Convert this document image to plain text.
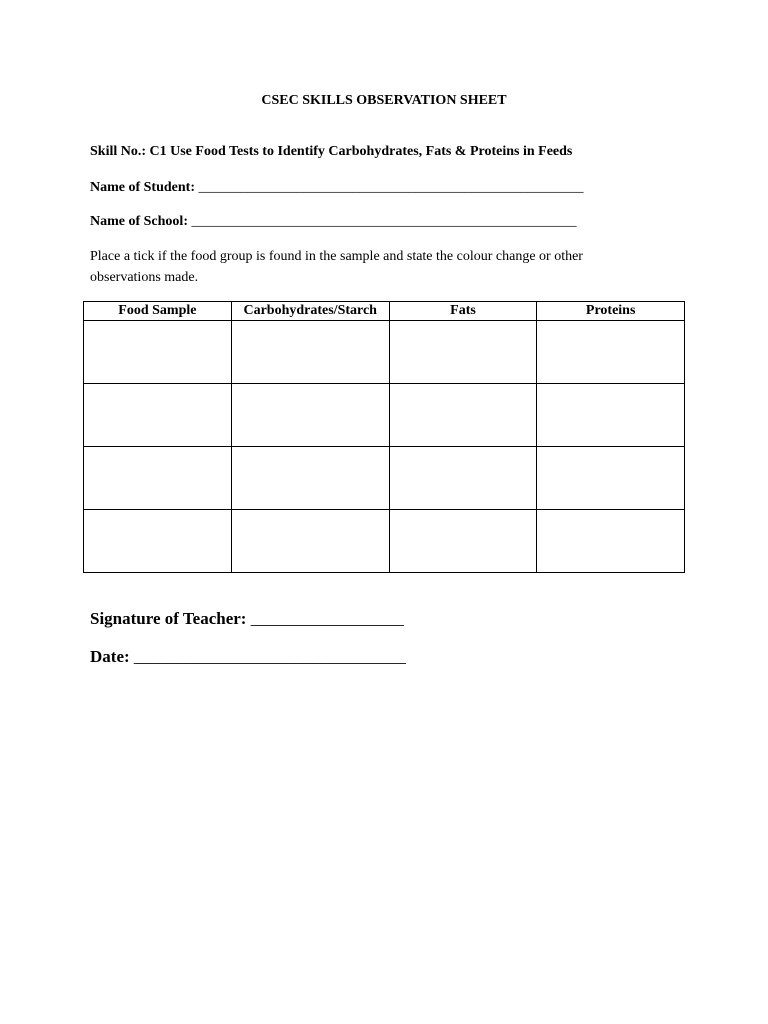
CSEC SKILLS OBSERVATION SHEET
Skill No.: C1 Use Food Tests to Identify Carbohydrates, Fats & Proteins in Feeds
Name of Student: _______________________________________________________
Name of School: _______________________________________________________
Place a tick if the food group is found in the sample and state the colour change or other observations made.
Food Sample	Carbohydrates/Starch	Fats	Proteins

Signature of Teacher: __________________
Date: ________________________________
